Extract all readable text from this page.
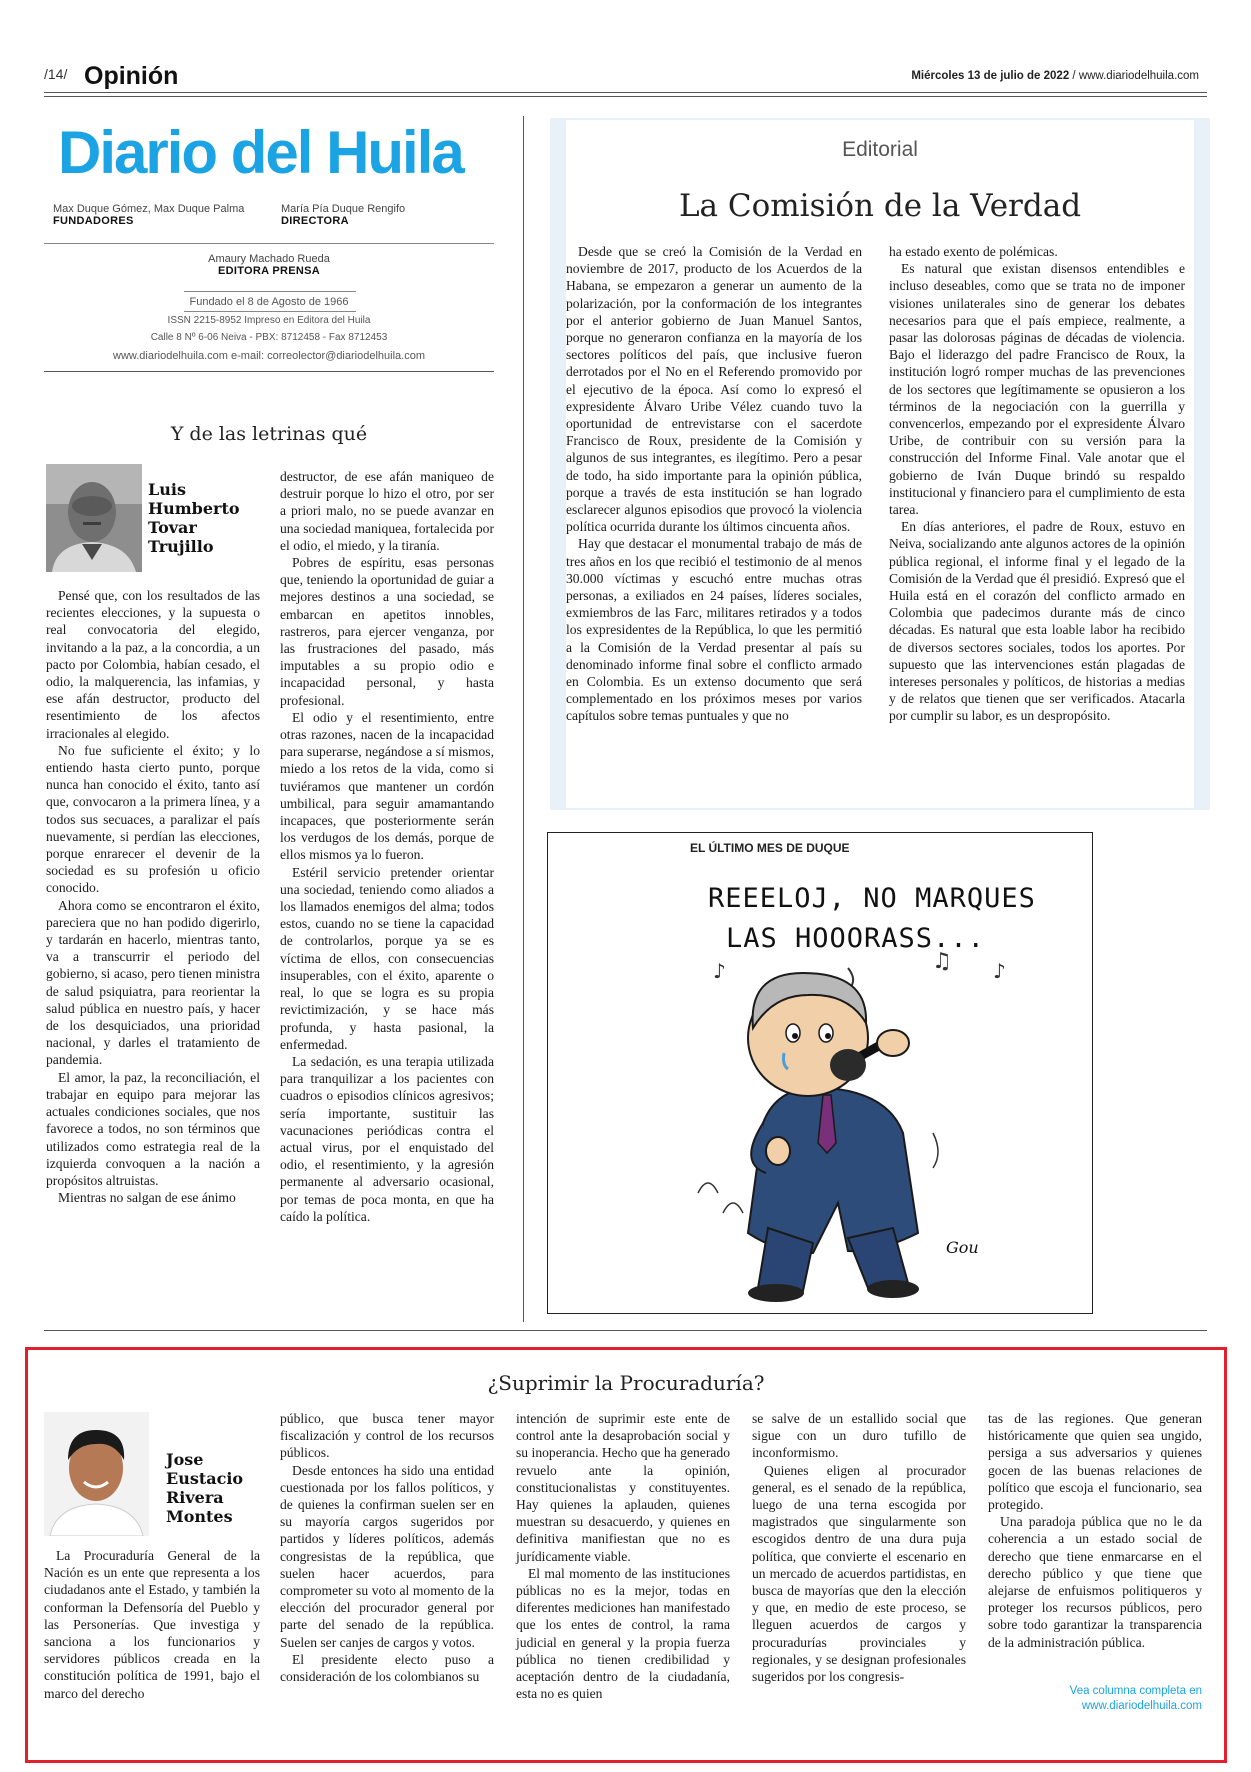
/14/ Opinión	Miércoles 13 de julio de 2022 / www.diariodelhuila.com
Diario del Huila
Max Duque Gómez, Max Duque Palma
FUNDADORES
María Pía Duque Rengifo
DIRECTORA
Amaury Machado Rueda
EDITORA PRENSA
Fundado el 8 de Agosto de 1966
ISSN 2215-8952 Impreso en Editora del Huila
Calle 8 Nº 6-06 Neiva - PBX: 8712458 - Fax 8712453
www.diariodelhuila.com e-mail: correolector@diariodelhuila.com
Y de las letrinas qué
Luis
Humberto
Tovar
Trujillo

Pensé que, con los resultados de las recientes elecciones, y la supuesta o real convocatoria del elegido, invitando a la paz, a la concordia, a un pacto por Colombia, habían cesado, el odio, la malquerencia, las infamias, y ese afán destructor, producto del resentimiento de los afectos irracionales al elegido.

No fue suficiente el éxito; y lo entiendo hasta cierto punto, porque nunca han conocido el éxito, tanto así que, convocaron a la primera línea, y a todos sus secuaces, a paralizar el país nuevamente, si perdían las elecciones, porque enrarecer el devenir de la sociedad es su profesión u oficio conocido.

Ahora como se encontraron el éxito, pareciera que no han podido digerirlo, y tardarán en hacerlo, mientras tanto, va a transcurrir el periodo del gobierno, si acaso, pero tienen ministra de salud psiquiatra, para reorientar la salud pública en nuestro país, y hacer de los desquiciados, una prioridad nacional, y darles el tratamiento de pandemia.

El amor, la paz, la reconciliación, el trabajar en equipo para mejorar las actuales condiciones sociales, que nos favorece a todos, no son términos que utilizados como estrategia real de la izquierda convoquen a la nación a propósitos altruistas.

Mientras no salgan de ese ánimo

destructor, de ese afán maniqueo de destruir porque lo hizo el otro, por ser a priori malo, no se puede avanzar en una sociedad maniquea, fortalecida por el odio, el miedo, y la tiranía.

Pobres de espíritu, esas personas que, teniendo la oportunidad de guiar a mejores destinos a una sociedad, se embarcan en apetitos innobles, rastreros, para ejercer venganza, por las frustraciones del pasado, más imputables a su propio odio e incapacidad personal, y hasta profesional.

El odio y el resentimiento, entre otras razones, nacen de la incapacidad para superarse, negándose a sí mismos, miedo a los retos de la vida, como si tuviéramos que mantener un cordón umbilical, para seguir amamantando incapaces, que posteriormente serán los verdugos de los demás, porque de ellos mismos ya lo fueron.

Estéril servicio pretender orientar una sociedad, teniendo como aliados a los llamados enemigos del alma; todos estos, cuando no se tiene la capacidad de controlarlos, porque ya se es víctima de ellos, con consecuencias insuperables, con el éxito, aparente o real, lo que se logra es su propia revictimización, y se hace más profunda, y hasta pasional, la enfermedad.

La sedación, es una terapia utilizada para tranquilizar a los pacientes con cuadros o episodios clínicos agresivos; sería importante, sustituir las vacunaciones periódicas contra el actual virus, por el enquistado del odio, el resentimiento, y la agresión permanente al adversario ocasional, por temas de poca monta, en que ha caído la política.

Editorial
La Comisión de la Verdad

Desde que se creó la Comisión de la Verdad en noviembre de 2017, producto de los Acuerdos de la Habana, se empezaron a generar un aumento de la polarización, por la conformación de los integrantes por el anterior gobierno de Juan Manuel Santos, porque no generaron confianza en la mayoría de los sectores políticos del país, que inclusive fueron derrotados por el No en el Referendo promovido por el ejecutivo de la época. Así como lo expresó el expresidente Álvaro Uribe Vélez cuando tuvo la oportunidad de entrevistarse con el sacerdote Francisco de Roux, presidente de la Comisión y algunos de sus integrantes, es ilegítimo. Pero a pesar de todo, ha sido importante para la opinión pública, porque a través de esta institución se han logrado esclarecer algunos episodios que provocó la violencia política ocurrida durante los últimos cincuenta años.

Hay que destacar el monumental trabajo de más de tres años en los que recibió el testimonio de al menos 30.000 víctimas y escuchó entre muchas otras personas, a exiliados en 24 países, líderes sociales, exmiembros de las Farc, militares retirados y a todos los expresidentes de la República, lo que les permitió a la Comisión de la Verdad presentar al país su denominado informe final sobre el conflicto armado en Colombia. Es un extenso documento que será complementado en los próximos meses por varios capítulos sobre temas puntuales y que no

ha estado exento de polémicas.

Es natural que existan disensos entendibles e incluso deseables, como que se trata no de imponer visiones unilaterales sino de generar los debates necesarios para que el país empiece, realmente, a pasar las dolorosas páginas de décadas de violencia. Bajo el liderazgo del padre Francisco de Roux, la institución logró romper muchas de las prevenciones de los sectores que legítimamente se opusieron a los términos de la negociación con la guerrilla y convencerlos, empezando por el expresidente Álvaro Uribe, de contribuir con su versión para la construcción del Informe Final. Vale anotar que el gobierno de Iván Duque brindó su respaldo institucional y financiero para el cumplimiento de esta tarea.

En días anteriores, el padre de Roux, estuvo en Neiva, socializando ante algunos actores de la opinión pública regional, el informe final y el legado de la Comisión de la Verdad que él presidió. Expresó que el Huila está en el corazón del conflicto armado en Colombia que padecimos durante más de cinco décadas. Es natural que esta loable labor ha recibido de diversos sectores sociales, todos los aportes. Por supuesto que las intervenciones están plagadas de intereses personales y políticos, de historias a medias y de relatos que tienen que ser verificados. Atacarla por cumplir su labor, es un despropósito.

EL ÚLTIMO MES DE DUQUE
REEELOJ, NO MARQUES
LAS HOOORASS...
♪	♫ ♪
Gou
¿Suprimir la Procuraduría?
Jose
Eustacio
Rivera
Montes

La Procuraduría General de la Nación es un ente que representa a los ciudadanos ante el Estado, y también la conforman la Defensoría del Pueblo y las Personerías. Que investiga y sanciona a los funcionarios y servidores públicos creada en la constitución política de 1991, bajo el marco del derecho

público, que busca tener mayor fiscalización y control de los recursos públicos.

Desde entonces ha sido una entidad cuestionada por los fallos políticos, y de quienes la confirman suelen ser en su mayoría cargos sugeridos por partidos y líderes políticos, además congresistas de la república, que suelen hacer acuerdos, para comprometer su voto al momento de la elección del procurador general por parte del senado de la república. Suelen ser canjes de cargos y votos.

El presidente electo puso a consideración de los colombianos su

intención de suprimir este ente de control ante la desaprobación social y su inoperancia. Hecho que ha generado revuelo ante la opinión, constitucionalistas y constituyentes. Hay quienes la aplauden, quienes muestran su desacuerdo, y quienes en definitiva manifiestan que no es jurídicamente viable.

El mal momento de las instituciones públicas no es la mejor, todas en diferentes mediciones han manifestado que los entes de control, la rama judicial en general y la propia fuerza pública no tienen credibilidad y aceptación dentro de la ciudadanía, esta no es quien

se salve de un estallido social que sigue con un duro tufillo de inconformismo.

Quienes eligen al procurador general, es el senado de la república, luego de una terna escogida por magistrados que singularmente son escogidos dentro de una dura puja política, que convierte el escenario en un mercado de acuerdos partidistas, en busca de mayorías que den la elección y que, en medio de este proceso, se lleguen acuerdos de cargos y procuradurías provinciales y regionales, y se designan profesionales sugeridos por los congresis-

tas de las regiones. Que generan históricamente que quien sea ungido, persiga a sus adversarios y quienes gocen de las buenas relaciones de político que escoja el funcionario, sea protegido.

Una paradoja pública que no le da coherencia a un estado social de derecho que tiene enmarcarse en el derecho público y que tiene que alejarse de enfuismos politiqueros y proteger los recursos públicos, pero sobre todo garantizar la transparencia de la administración pública.

Vea columna completa en
www.diariodelhuila.com
